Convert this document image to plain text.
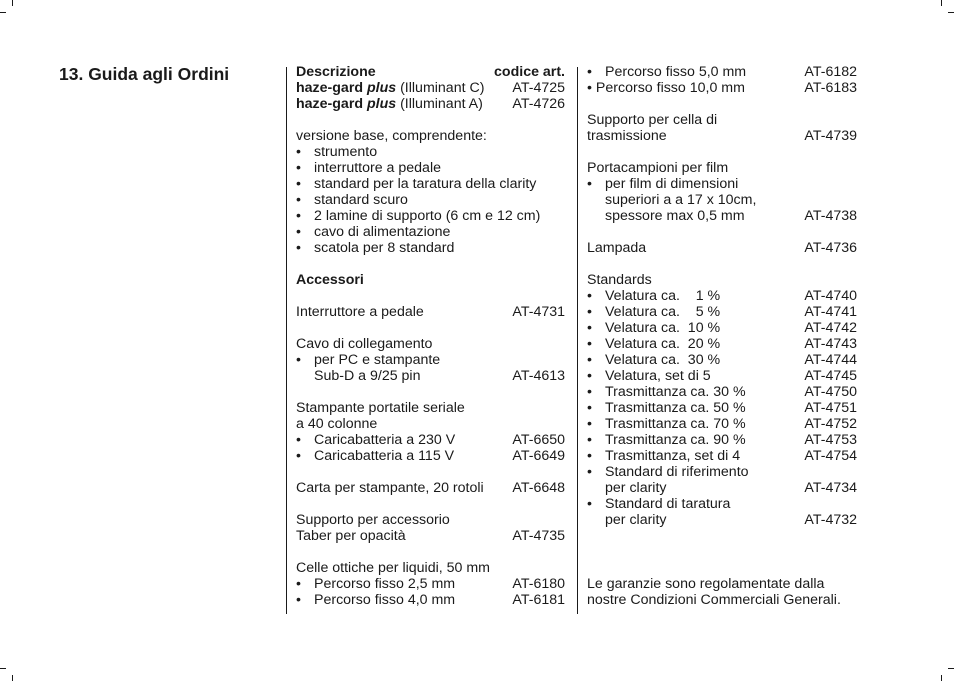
13. Guida agli Ordini	Descrizione	codice art.
haze-gard plus (Illuminant C) AT-4725
haze-gard plus (Illuminant A) AT-4726
versione base, comprendente:
• strumento
• interruttore a pedale
• standard per la taratura della clarity
• standard scuro
• 2 lamine di supporto (6 cm e 12 cm)
• cavo di alimentazione
• scatola per 8 standard
Accessori
Interruttore a pedale	AT-4731
Cavo di collegamento
• per PC e stampante
Sub-D a 9/25 pin	AT-4613
Stampante portatile seriale
a 40 colonne
• Caricabatteria a 230 V	AT-6650
• Caricabatteria a 115 V	AT-6649
Carta per stampante, 20 rotoli AT-6648
Supporto per accessorio
Taber per opacità	AT-4735
Celle ottiche per liquidi, 50 mm
• Percorso fisso 2,5 mm	AT-6180
• Percorso fisso 4,0 mm	AT-6181
• Percorso fisso 5,0 mm	AT-6182
• Percorso fisso 10,0 mm	AT-6183
Supporto per cella di
trasmissione	AT-4739
Portacampioni per film
• per film di dimensioni
superiori a a 17 x 10cm,
spessore max 0,5 mm	AT-4738
Lampada	AT-4736
Standards
• Velatura ca.    1 %	AT-4740
• Velatura ca.    5 %	AT-4741
• Velatura ca.  10 %	AT-4742
• Velatura ca.  20 %	AT-4743
• Velatura ca.  30 %	AT-4744
• Velatura, set di 5	AT-4745
• Trasmittanza ca. 30 %	AT-4750
• Trasmittanza ca. 50 %	AT-4751
• Trasmittanza ca. 70 %	AT-4752
• Trasmittanza ca. 90 %	AT-4753
• Trasmittanza, set di 4	AT-4754
• Standard di riferimento
per clarity	AT-4734
• Standard di taratura
per clarity	AT-4732
Le garanzie sono regolamentate dalla
nostre Condizioni Commerciali Generali.
